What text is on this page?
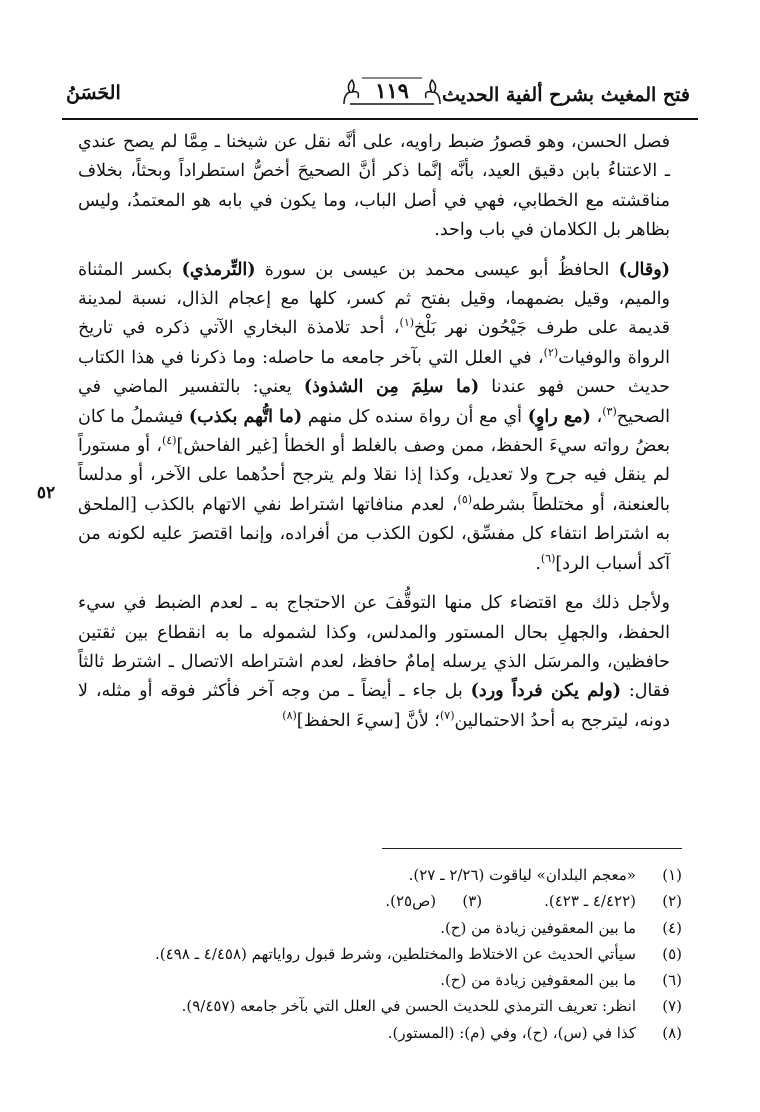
فتح المغيث بشرح ألفية الحديث
١١٩
الحَسَنُ
٥٢

فصل الحسن، وهو قصورُ ضبط راويه، على أنَّه نقل عن شيخنا ـ مِمَّا لم يصح عندي ـ الاعتناءُ بابن دقيق العيد، بأنَّه إنَّما ذكر أنَّ الصحيحَ أخصُّ استطراداً وبحثاً، بخلاف مناقشته مع الخطابي، فهي في أصل الباب، وما يكون في بابه هو المعتمدُ، وليس بظاهر بل الكلامان في باب واحد.

(وقال) الحافظُ أبو عيسى محمد بن عيسى بن سورة (التِّرمذي) بكسر المثناة والميم، وقيل بضمهما، وقيل بفتح ثم كسر، كلها مع إعجام الذال، نسبة لمدينة قديمة على طرف جَيْحُون نهر بَلْخ$^{(١)}$، أحد تلامذة البخاري الآتي ذكره في تاريخ الرواة والوفيات$^{(٢)}$، في العلل التي بآخر جامعه ما حاصله: وما ذكرنا في هذا الكتاب حديث حسن فهو عندنا (ما سلِمَ مِن الشذوذ) يعني: بالتفسير الماضي في الصحيح$^{(٣)}$، (مع راوٍ) أي مع أن رواة سنده كل منهم (ما اتُّهم بكذب) فيشملُ ما كان بعضُ رواته سيءَ الحفظ، ممن وصف بالغلط أو الخطأ [غير الفاحش]$^{(٤)}$، أو مستوراً لم ينقل فيه جرح ولا تعديل، وكذا إذا نقلا ولم يترجح أحدُهما على الآخر، أو مدلساً بالعنعنة، أو مختلطاً بشرطه$^{(٥)}$، لعدم منافاتها اشتراط نفي الاتهام بالكذب [الملحق به اشتراط انتفاء كل مفسِّق، لكون الكذب من أفراده، وإنما اقتصرَ عليه لكونه من آكد أسباب الرد]$^{(٦)}$.

ولأجل ذلك مع اقتضاء كل منها التوقُّفَ عن الاحتجاج به ـ لعدم الضبط في سيء الحفظ، والجهلِ بحال المستور والمدلس، وكذا لشموله ما به انقطاع بين ثقتين حافظين، والمرسَل الذي يرسله إمامٌ حافظ، لعدم اشتراطه الاتصال ـ اشترط ثالثاً فقال: (ولم يكن فرداً ورد) بل جاء ـ أيضاً ـ من وجه آخر فأكثر فوقه أو مثله، لا دونه، ليترجح به أحدُ الاحتمالين$^{(٧)}$؛ لأنَّ [سيءَ الحفظ]$^{(٨)}$

(١)
«معجم البلدان» لياقوت (٢/٢٦ ـ ٢٧).
(٢)
(٤/٤٢٢ ـ ٤٢٣).
(٣)
(ص٢٥).
(٤)
ما بين المعقوفين زيادة من (ح).
(٥)
سيأتي الحديث عن الاختلاط والمختلطين، وشرط قبول رواياتهم (٤/٤٥٨ ـ ٤٩٨).
(٦)
ما بين المعقوفين زيادة من (ح).
(٧)
انظر: تعريف الترمذي للحديث الحسن في العلل التي بآخر جامعه (٩/٤٥٧).
(٨)
كذا في (س)، (ح)، وفي (م): (المستور).
